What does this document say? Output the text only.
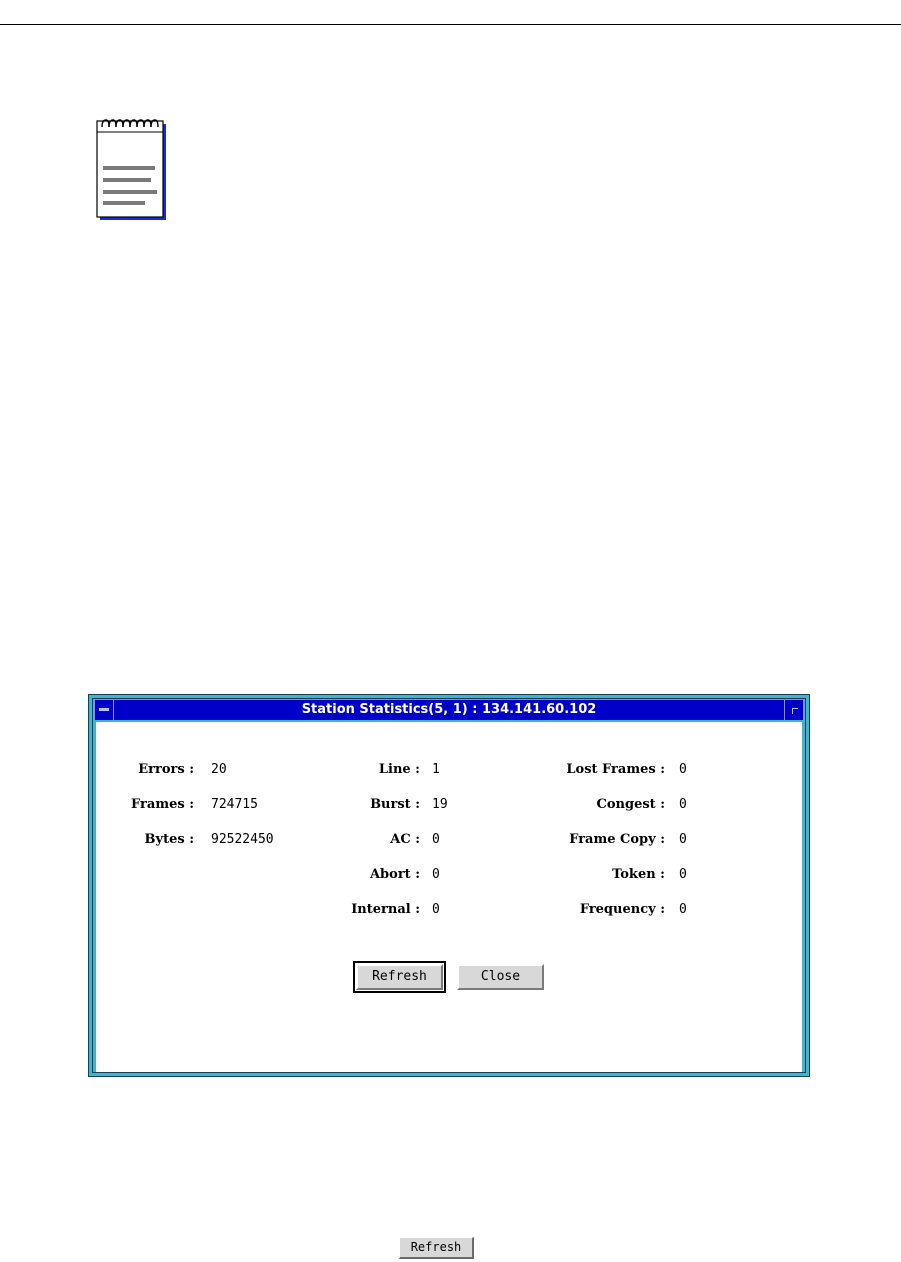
Station Statistics(5, 1) : 134.141.60.102
Errors : 20
Frames : 724715
Bytes : 92522450
Line : 1
Burst : 19
AC : 0
Abort : 0
Internal : 0
Lost Frames : 0
Congest : 0
Frame Copy : 0
Token : 0
Frequency : 0
Refresh	Close
Refresh
